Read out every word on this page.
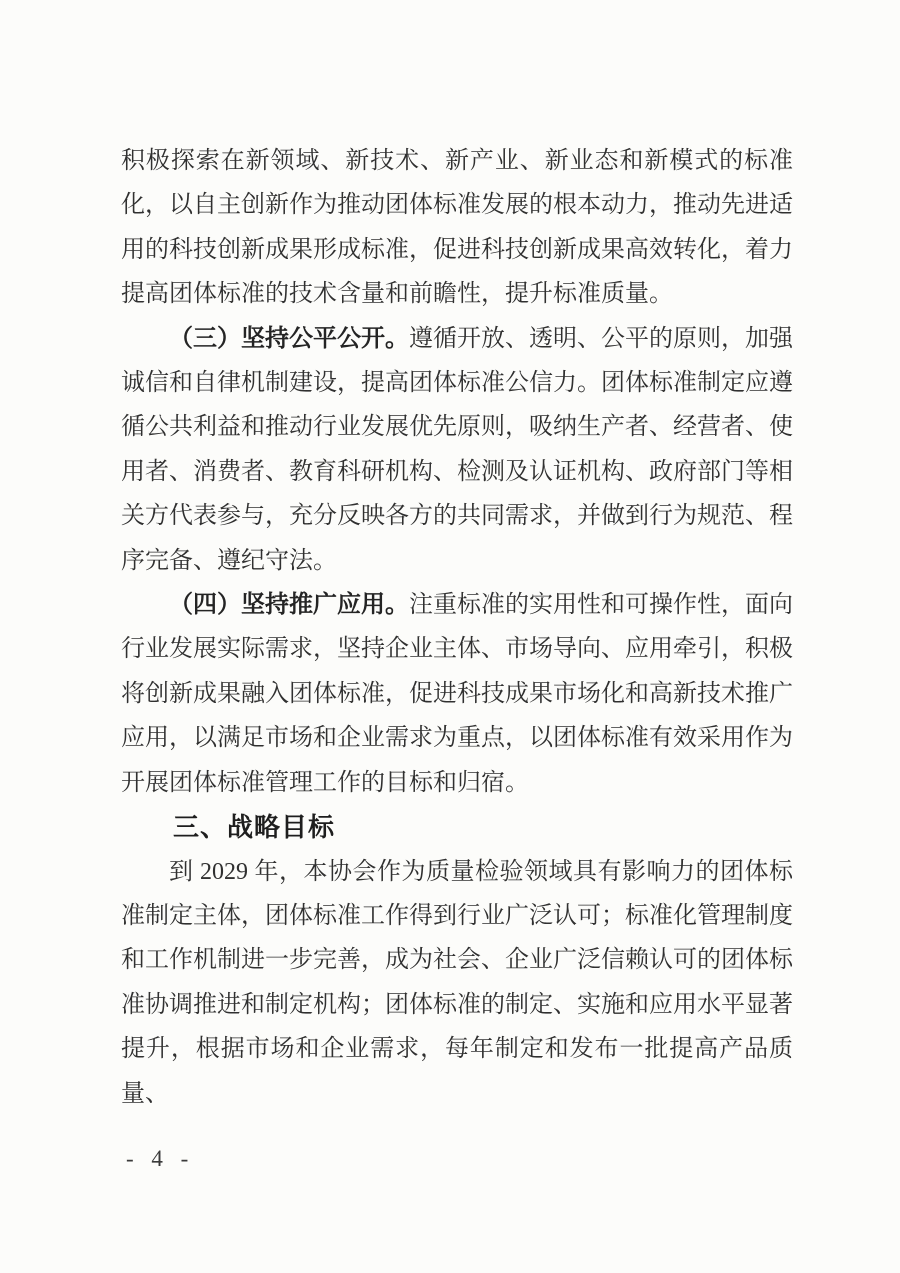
积极探索在新领域、新技术、新产业、新业态和新模式的标准化，以自主创新作为推动团体标准发展的根本动力，推动先进适用的科技创新成果形成标准，促进科技创新成果高效转化，着力提高团体标准的技术含量和前瞻性，提升标准质量。

（三）坚持公平公开。遵循开放、透明、公平的原则，加强诚信和自律机制建设，提高团体标准公信力。团体标准制定应遵循公共利益和推动行业发展优先原则，吸纳生产者、经营者、使用者、消费者、教育科研机构、检测及认证机构、政府部门等相关方代表参与，充分反映各方的共同需求，并做到行为规范、程序完备、遵纪守法。

（四）坚持推广应用。注重标准的实用性和可操作性，面向行业发展实际需求，坚持企业主体、市场导向、应用牵引，积极将创新成果融入团体标准，促进科技成果市场化和高新技术推广应用，以满足市场和企业需求为重点，以团体标准有效采用作为开展团体标准管理工作的目标和归宿。

三、战略目标

到 2029 年，本协会作为质量检验领域具有影响力的团体标准制定主体，团体标准工作得到行业广泛认可；标准化管理制度和工作机制进一步完善，成为社会、企业广泛信赖认可的团体标准协调推进和制定机构；团体标准的制定、实施和应用水平显著提升，根据市场和企业需求，每年制定和发布一批提高产品质量、

- 4 -
